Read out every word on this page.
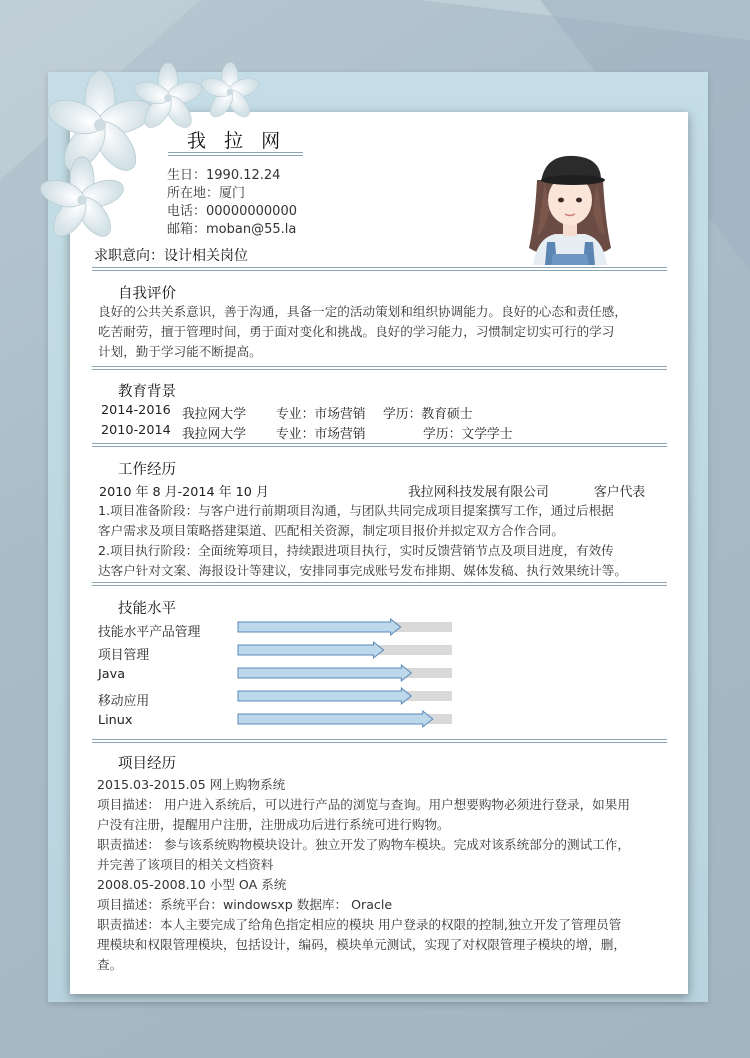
我 拉 网
生日：1990.12.24
所在地：厦门
电话：00000000000
邮箱：moban@55.la
求职意向：设计相关岗位
自我评价
良好的公共关系意识，善于沟通，具备一定的活动策划和组织协调能力。良好的心态和责任感，
吃苦耐劳，擅于管理时间，勇于面对变化和挑战。良好的学习能力，习惯制定切实可行的学习
计划，勤于学习能不断提高。
教育背景
2014-2016 我拉网大学 专业：市场营销 学历：教育硕士
2010-2014 我拉网大学 专业：市场营销	学历：文学学士
工作经历
2010 年 8 月-2014 年 10 月	我拉网科技发展有限公司	客户代表
1.项目准备阶段：与客户进行前期项目沟通，与团队共同完成项目提案撰写工作，通过后根据
客户需求及项目策略搭建渠道、匹配相关资源，制定项目报价并拟定双方合作合同。
2.项目执行阶段：全面统筹项目，持续跟进项目执行，实时反馈营销节点及项目进度，有效传
达客户针对文案、海报设计等建议，安排同事完成账号发布排期、媒体发稿、执行效果统计等。
技能水平
技能水平产品管理
项目管理
Java
移动应用
Linux
项目经历
2015.03-2015.05 网上购物系统
项目描述： 用户进入系统后，可以进行产品的浏览与查询。用户想要购物必须进行登录，如果用
户没有注册，提醒用户注册，注册成功后进行系统可进行购物。
职责描述： 参与该系统购物模块设计。独立开发了购物车模块。完成对该系统部分的测试工作，
并完善了该项目的相关文档资料
2008.05-2008.10 小型 OA 系统
项目描述：系统平台：windowsxp 数据库： Oracle
职责描述：本人主要完成了给角色指定相应的模块 用户登录的权限的控制,独立开发了管理员管
理模块和权限管理模块，包括设计，编码，模块单元测试，实现了对权限管理子模块的增，删，
查。
